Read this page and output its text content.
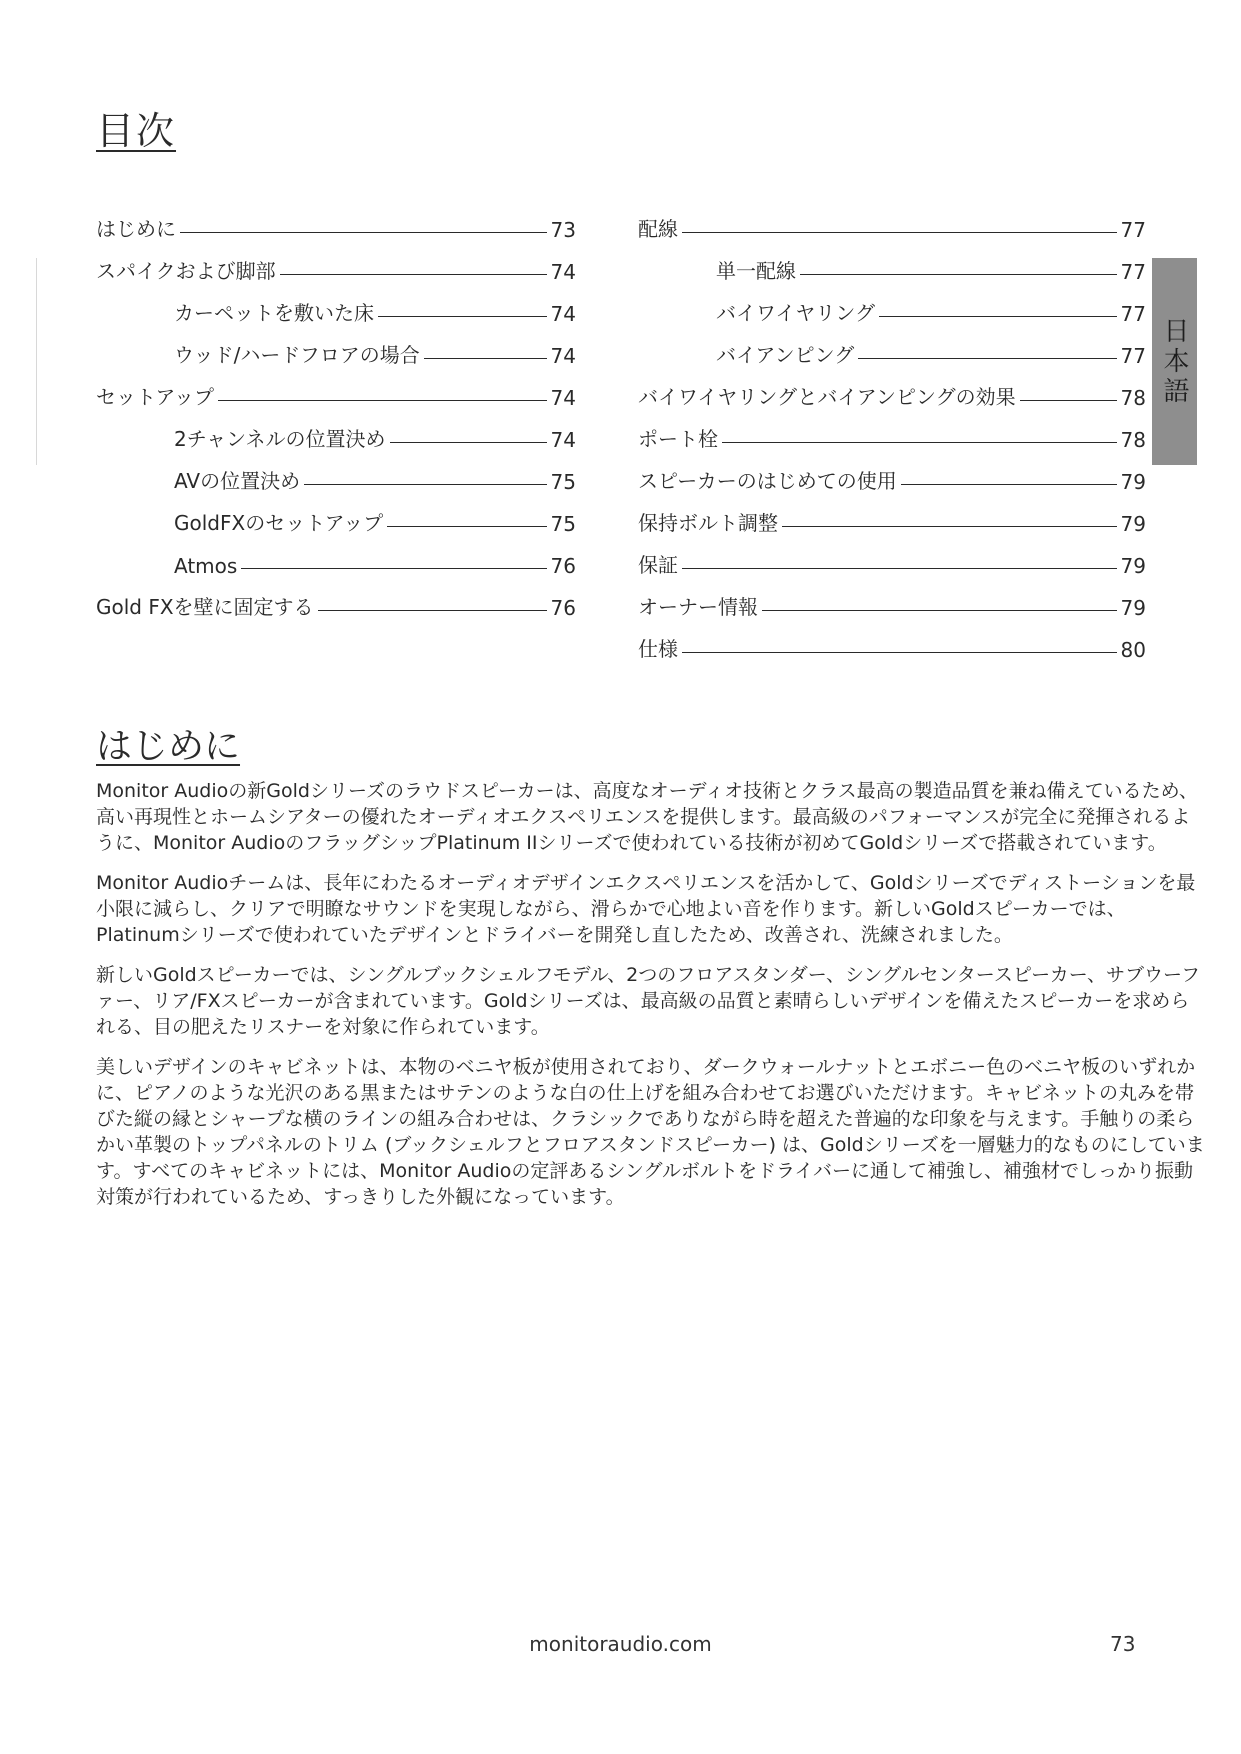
目次
はじめに	73
スパイクおよび脚部	74
カーペットを敷いた床	74
ウッド/ハードフロアの場合	74
セットアップ	74
2チャンネルの位置決め	74
AVの位置決め	75
GoldFXのセットアップ	75
Atmos	76
Gold FXを壁に固定する	76
配線	77
単一配線	77
バイワイヤリング	77
バイアンピング	77
バイワイヤリングとバイアンピングの効果	78
ポート栓	78
スピーカーのはじめての使用	79
保持ボルト調整	79
保証	79
オーナー情報	79
仕様	80
日本語
はじめに

Monitor Audioの新Goldシリーズのラウドスピーカーは、高度なオーディオ技術とクラス最高の製造品質を兼ね備えているため、高い再現性とホームシアターの優れたオーディオエクスペリエンスを提供します。最高級のパフォーマンスが完全に発揮されるように、Monitor AudioのフラッグシップPlatinum IIシリーズで使われている技術が初めてGoldシリーズで搭載されています。

Monitor Audioチームは、長年にわたるオーディオデザインエクスペリエンスを活かして、Goldシリーズでディストーションを最小限に減らし、クリアで明瞭なサウンドを実現しながら、滑らかで心地よい音を作ります。新しいGoldスピーカーでは、Platinumシリーズで使われていたデザインとドライバーを開発し直したため、改善され、洗練されました。

新しいGoldスピーカーでは、シングルブックシェルフモデル、2つのフロアスタンダー、シングルセンタースピーカー、サブウーファー、リア/FXスピーカーが含まれています。Goldシリーズは、最高級の品質と素晴らしいデザインを備えたスピーカーを求められる、目の肥えたリスナーを対象に作られています。

美しいデザインのキャビネットは、本物のベニヤ板が使用されており、ダークウォールナットとエボニー色のベニヤ板のいずれかに、ピアノのような光沢のある黒またはサテンのような白の仕上げを組み合わせてお選びいただけます。キャビネットの丸みを帯びた縦の縁とシャープな横のラインの組み合わせは、クラシックでありながら時を超えた普遍的な印象を与えます。手触りの柔らかい革製のトップパネルのトリム (ブックシェルフとフロアスタンドスピーカー) は、Goldシリーズを一層魅力的なものにしています。すべてのキャビネットには、Monitor Audioの定評あるシングルボルトをドライバーに通して補強し、補強材でしっかり振動対策が行われているため、すっきりした外観になっています。

monitoraudio.com	73
